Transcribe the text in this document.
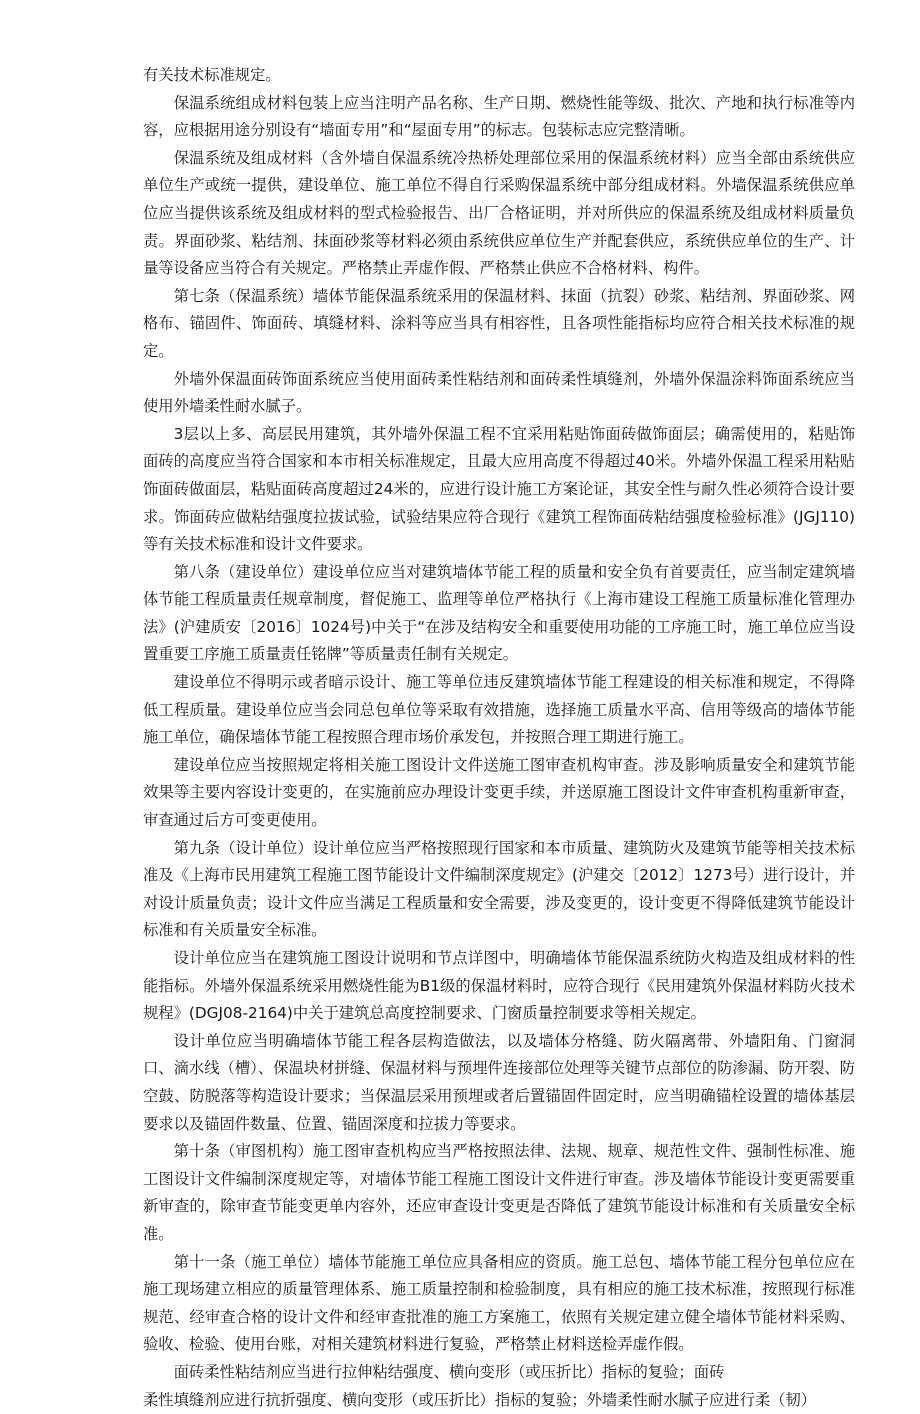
有关技术标准规定。

保温系统组成材料包装上应当注明产品名称、生产日期、燃烧性能等级、批次、产地和执行标准等内容，应根据用途分别设有“墙面专用”和“屋面专用”的标志。包装标志应完整清晰。

保温系统及组成材料（含外墙自保温系统冷热桥处理部位采用的保温系统材料）应当全部由系统供应单位生产或统一提供，建设单位、施工单位不得自行采购保温系统中部分组成材料。外墙保温系统供应单位应当提供该系统及组成材料的型式检验报告、出厂合格证明，并对所供应的保温系统及组成材料质量负责。界面砂浆、粘结剂、抹面砂浆等材料必须由系统供应单位生产并配套供应，系统供应单位的生产、计量等设备应当符合有关规定。严格禁止弄虚作假、严格禁止供应不合格材料、构件。

第七条（保温系统）墙体节能保温系统采用的保温材料、抹面（抗裂）砂浆、粘结剂、界面砂浆、网格布、锚固件、饰面砖、填缝材料、涂料等应当具有相容性，且各项性能指标均应符合相关技术标准的规定。

外墙外保温面砖饰面系统应当使用面砖柔性粘结剂和面砖柔性填缝剂，外墙外保温涂料饰面系统应当使用外墙柔性耐水腻子。

3层以上多、高层民用建筑，其外墙外保温工程不宜采用粘贴饰面砖做饰面层；确需使用的，粘贴饰面砖的高度应当符合国家和本市相关标准规定，且最大应用高度不得超过40米。外墙外保温工程采用粘贴饰面砖做面层，粘贴面砖高度超过24米的，应进行设计施工方案论证，其安全性与耐久性必须符合设计要求。饰面砖应做粘结强度拉拔试验，试验结果应符合现行《建筑工程饰面砖粘结强度检验标准》(JGJ110)等有关技术标准和设计文件要求。

第八条（建设单位）建设单位应当对建筑墙体节能工程的质量和安全负有首要责任，应当制定建筑墙体节能工程质量责任规章制度，督促施工、监理等单位严格执行《上海市建设工程施工质量标准化管理办法》(沪建质安〔2016〕1024号)中关于“在涉及结构安全和重要使用功能的工序施工时，施工单位应当设置重要工序施工质量责任铭牌”等质量责任制有关规定。

建设单位不得明示或者暗示设计、施工等单位违反建筑墙体节能工程建设的相关标准和规定，不得降低工程质量。建设单位应当会同总包单位等采取有效措施，选择施工质量水平高、信用等级高的墙体节能施工单位，确保墙体节能工程按照合理市场价承发包，并按照合理工期进行施工。

建设单位应当按照规定将相关施工图设计文件送施工图审查机构审查。涉及影响质量安全和建筑节能效果等主要内容设计变更的，在实施前应办理设计变更手续，并送原施工图设计文件审查机构重新审查，审查通过后方可变更使用。

第九条（设计单位）设计单位应当严格按照现行国家和本市质量、建筑防火及建筑节能等相关技术标准及《上海市民用建筑工程施工图节能设计文件编制深度规定》(沪建交〔2012〕1273号）进行设计，并对设计质量负责；设计文件应当满足工程质量和安全需要，涉及变更的，设计变更不得降低建筑节能设计标准和有关质量安全标准。

设计单位应当在建筑施工图设计说明和节点详图中，明确墙体节能保温系统防火构造及组成材料的性能指标。外墙外保温系统采用燃烧性能为B1级的保温材料时，应符合现行《民用建筑外保温材料防火技术规程》(DGJ08-2164)中关于建筑总高度控制要求、门窗质量控制要求等相关规定。

设计单位应当明确墙体节能工程各层构造做法，以及墙体分格缝、防火隔离带、外墙阳角、门窗洞口、滴水线（槽）、保温块材拼缝、保温材料与预埋件连接部位处理等关键节点部位的防渗漏、防开裂、防空鼓、防脱落等构造设计要求；当保温层采用预埋或者后置锚固件固定时，应当明确锚栓设置的墙体基层要求以及锚固件数量、位置、锚固深度和拉拔力等要求。

第十条（审图机构）施工图审查机构应当严格按照法律、法规、规章、规范性文件、强制性标准、施工图设计文件编制深度规定等，对墙体节能工程施工图设计文件进行审查。涉及墙体节能设计变更需要重新审查的，除审查节能变更单内容外，还应审查设计变更是否降低了建筑节能设计标准和有关质量安全标准。

第十一条（施工单位）墙体节能施工单位应具备相应的资质。施工总包、墙体节能工程分包单位应在施工现场建立相应的质量管理体系、施工质量控制和检验制度，具有相应的施工技术标准，按照现行标准规范、经审查合格的设计文件和经审查批准的施工方案施工，依照有关规定建立健全墙体节能材料采购、验收、检验、使用台账，对相关建筑材料进行复验，严格禁止材料送检弄虚作假。

面砖柔性粘结剂应当进行拉伸粘结强度、横向变形（或压折比）指标的复验；面砖

柔性填缝剂应进行抗折强度、横向变形（或压折比）指标的复验；外墙柔性耐水腻子应进行柔（韧）
